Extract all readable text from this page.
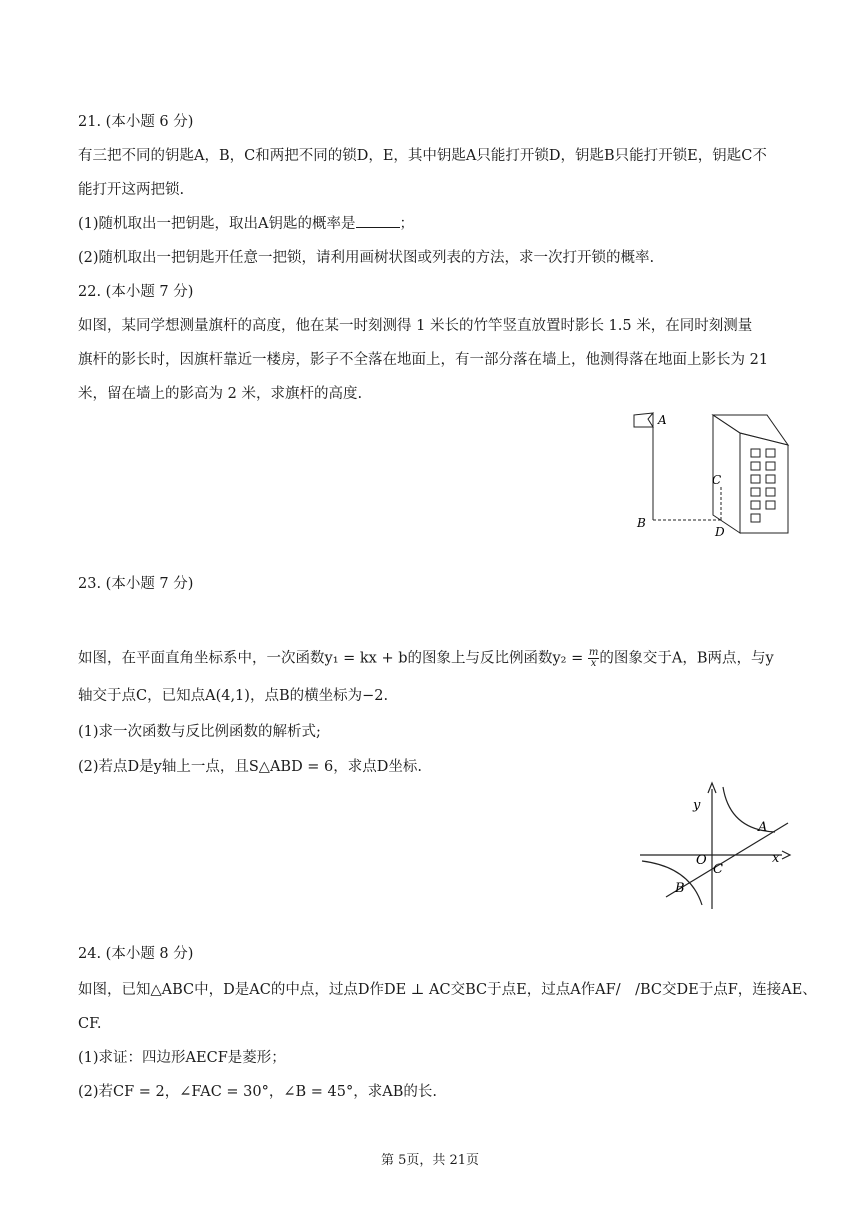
21. (本小题 6 分)
有三把不同的钥匙A，B，C和两把不同的锁D，E，其中钥匙A只能打开锁D，钥匙B只能打开锁E，钥匙C不
能打开这两把锁.
(1)随机取出一把钥匙，取出A钥匙的概率是	；
(2)随机取出一把钥匙开任意一把锁，请利用画树状图或列表的方法，求一次打开锁的概率.
22. (本小题 7 分)
如图，某同学想测量旗杆的高度，他在某一时刻测得 1 米长的竹竿竖直放置时影长 1.5 米，在同时刻测量
旗杆的影长时，因旗杆靠近一楼房，影子不全落在地面上，有一部分落在墙上，他测得落在地面上影长为 21
米，留在墙上的影高为 2 米，求旗杆的高度.
A
B
C
D
23. (本小题 7 分)
如图，在平面直角坐标系中，一次函数y₁ = kx + b的图象上与反比例函数$y_2 = \frac{m}{x}$ 的图象交于A，B两点，与y
轴交于点C，已知点A(4,1)，点B的横坐标为−2.
(1)求一次函数与反比例函数的解析式;
(2)若点D是y轴上一点，且S△ABD = 6，求点D坐标.
y
x
O
A
B
C
24. (本小题 8 分)
如图，已知△ABC中，D是AC的中点，过点D作DE ⊥ AC交BC于点E，过点A作AF/　/BC交DE于点F，连接AE、
CF.
(1)求证：四边形AECF是菱形；
(2)若CF = 2，∠FAC = 30°，∠B = 45°，求AB的长.
第 5页，共 21页
